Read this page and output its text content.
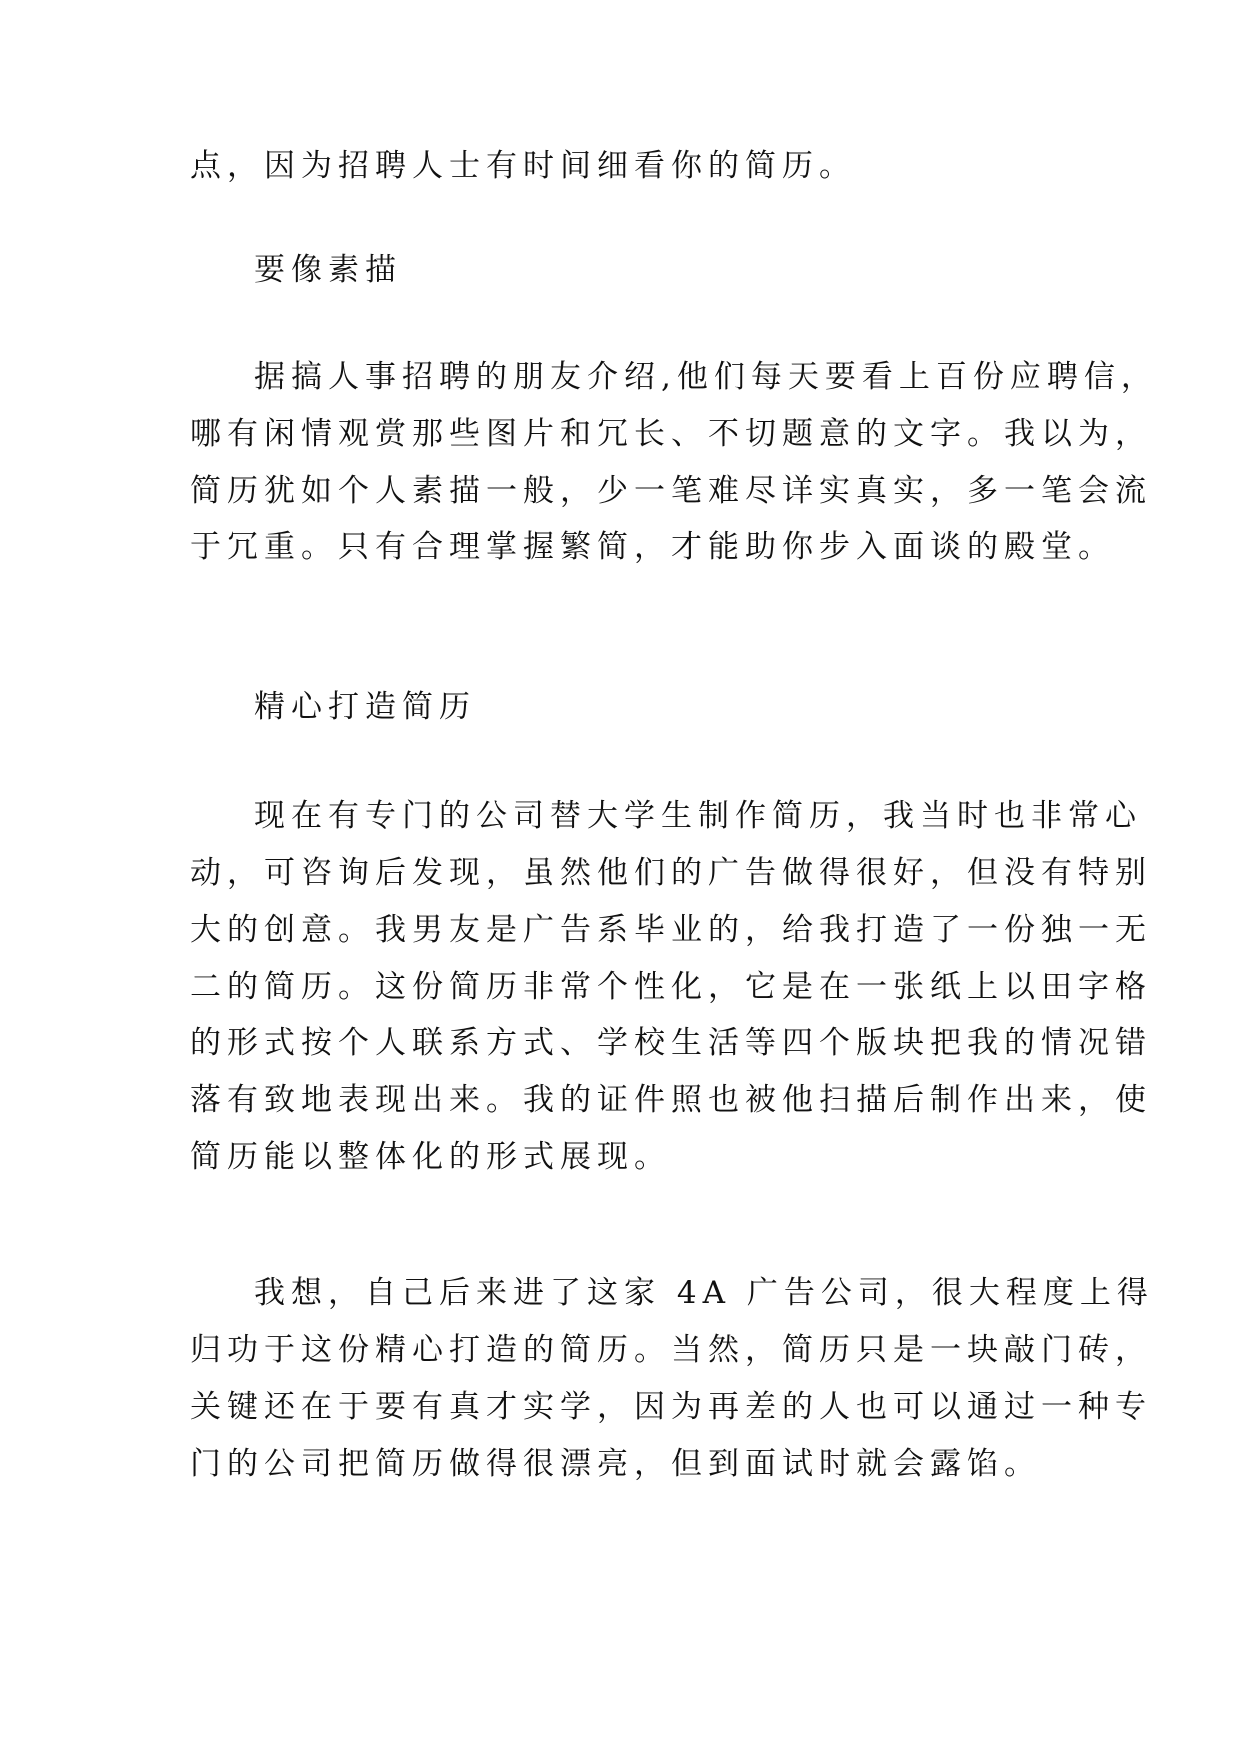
点，因为招聘人士有时间细看你的简历。
要像素描
据搞人事招聘的朋友介绍,他们每天要看上百份应聘信，
哪有闲情观赏那些图片和冗长、不切题意的文字。我以为，
简历犹如个人素描一般，少一笔难尽详实真实，多一笔会流
于冗重。只有合理掌握繁简，才能助你步入面谈的殿堂。
精心打造简历
现在有专门的公司替大学生制作简历，我当时也非常心
动，可咨询后发现，虽然他们的广告做得很好，但没有特别
大的创意。我男友是广告系毕业的，给我打造了一份独一无
二的简历。这份简历非常个性化，它是在一张纸上以田字格
的形式按个人联系方式、学校生活等四个版块把我的情况错
落有致地表现出来。我的证件照也被他扫描后制作出来，使
简历能以整体化的形式展现。
我想，自己后来进了这家 4A 广告公司，很大程度上得
归功于这份精心打造的简历。当然，简历只是一块敲门砖，
关键还在于要有真才实学，因为再差的人也可以通过一种专
门的公司把简历做得很漂亮，但到面试时就会露馅。
